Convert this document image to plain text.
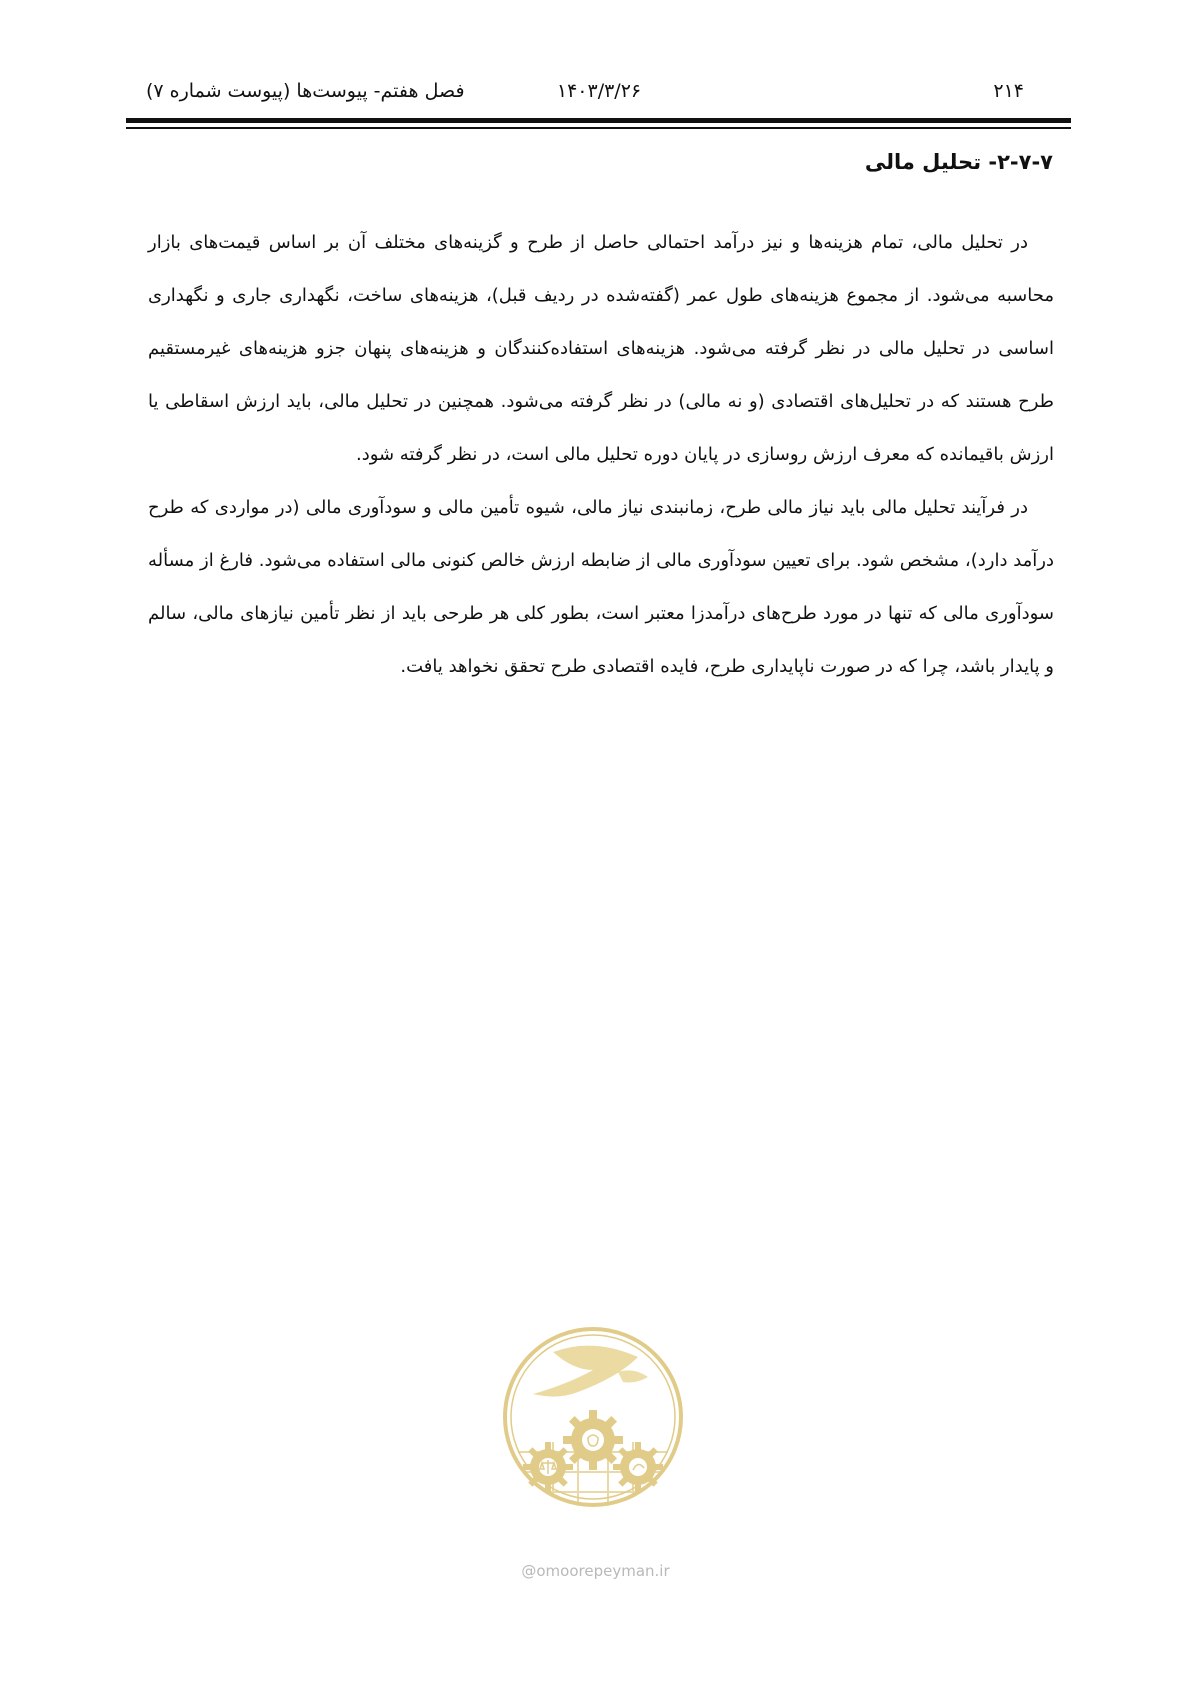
۲۱۴
۱۴۰۳/۳/۲۶
فصل هفتم- پیوست‌ها (پیوست شماره ۷)
۲-۷-۷- تحلیل مالی

در تحلیل مالی، تمام هزینه‌ها و نیز درآمد احتمالی حاصل از طرح و گزینه‌های مختلف آن بر اساس قیمت‌های بازار محاسبه می‌شود. از مجموع هزینه‌های طول عمر (گفته‌شده در ردیف قبل)، هزینه‌های ساخت، نگهداری جاری و نگهداری اساسی در تحلیل مالی در نظر گرفته می‌شود. هزینه‌های استفاده‌کنندگان و هزینه‌های پنهان جزو هزینه‌های غیرمستقیم طرح هستند که در تحلیل‌های اقتصادی (و نه مالی) در نظر گرفته می‌شود. همچنین در تحلیل مالی، باید ارزش اسقاطی یا ارزش باقیمانده که معرف ارزش روسازی در پایان دوره تحلیل مالی است، در نظر گرفته شود.

در فرآیند تحلیل مالی باید نیاز مالی طرح، زمانبندی نیاز مالی، شیوه تأمین مالی و سودآوری مالی (در مواردی که طرح درآمد دارد)، مشخص شود. برای تعیین سودآوری مالی از ضابطه ارزش خالص کنونی مالی استفاده می‌شود. فارغ از مسأله سودآوری مالی که تنها در مورد طرح‌های درآمدزا معتبر است، بطور کلی هر طرحی باید از نظر تأمین نیازهای مالی، سالم و پایدار باشد، چرا که در صورت ناپایداری طرح، فایده اقتصادی طرح تحقق نخواهد یافت.

@omoorepeyman.ir
